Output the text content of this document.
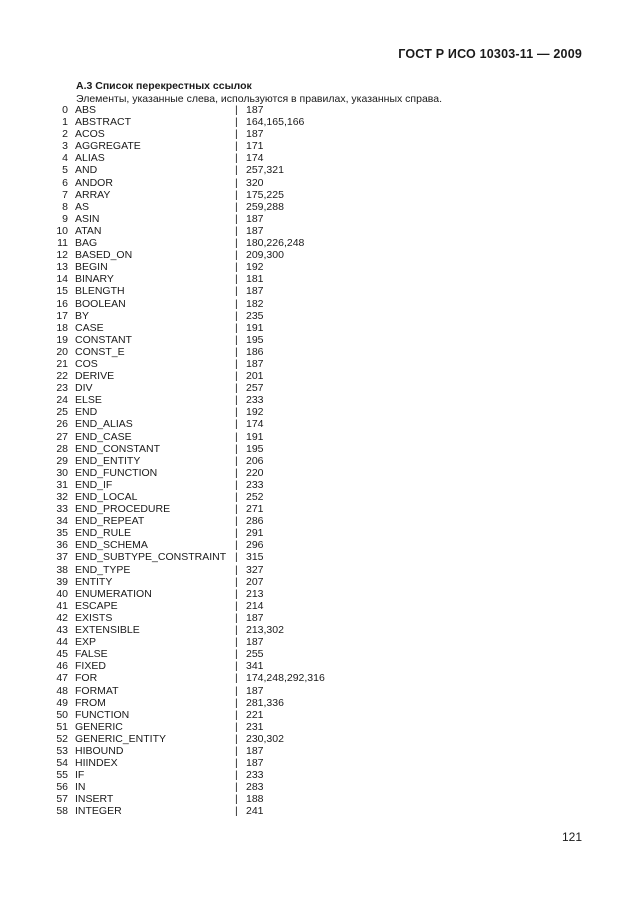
ГОСТ Р ИСО 10303-11 — 2009
А.3 Список перекрестных ссылок
Элементы, указанные слева, используются в правилах, указанных справа.
0 ABS	| 187
1 ABSTRACT	| 164,165,166
2 ACOS	| 187
3 AGGREGATE	| 171
4 ALIAS	| 174
5 AND	| 257,321
6 ANDOR	| 320
7 ARRAY	| 175,225
8 AS	| 259,288
9 ASIN	| 187
10 ATAN	| 187
11 BAG	| 180,226,248
12 BASED_ON	| 209,300
13 BEGIN	| 192
14 BINARY	| 181
15 BLENGTH	| 187
16 BOOLEAN	| 182
17 BY	| 235
18 CASE	| 191
19 CONSTANT	| 195
20 CONST_E	| 186
21 COS	| 187
22 DERIVE	| 201
23 DIV	| 257
24 ELSE	| 233
25 END	| 192
26 END_ALIAS	| 174
27 END_CASE	| 191
28 END_CONSTANT	| 195
29 END_ENTITY	| 206
30 END_FUNCTION	| 220
31 END_IF	| 233
32 END_LOCAL	| 252
33 END_PROCEDURE	| 271
34 END_REPEAT	| 286
35 END_RULE	| 291
36 END_SCHEMA	| 296
37 END_SUBTYPE_CONSTRAINT | 315
38 END_TYPE	| 327
39 ENTITY	| 207
40 ENUMERATION	| 213
41 ESCAPE	| 214
42 EXISTS	| 187
43 EXTENSIBLE	| 213,302
44 EXP	| 187
45 FALSE	| 255
46 FIXED	| 341
47 FOR	| 174,248,292,316
48 FORMAT	| 187
49 FROM	| 281,336
50 FUNCTION	| 221
51 GENERIC	| 231
52 GENERIC_ENTITY	| 230,302
53 HIBOUND	| 187
54 HIINDEX	| 187
55 IF	| 233
56 IN	| 283
57 INSERT	| 188
58 INTEGER	| 241
121
